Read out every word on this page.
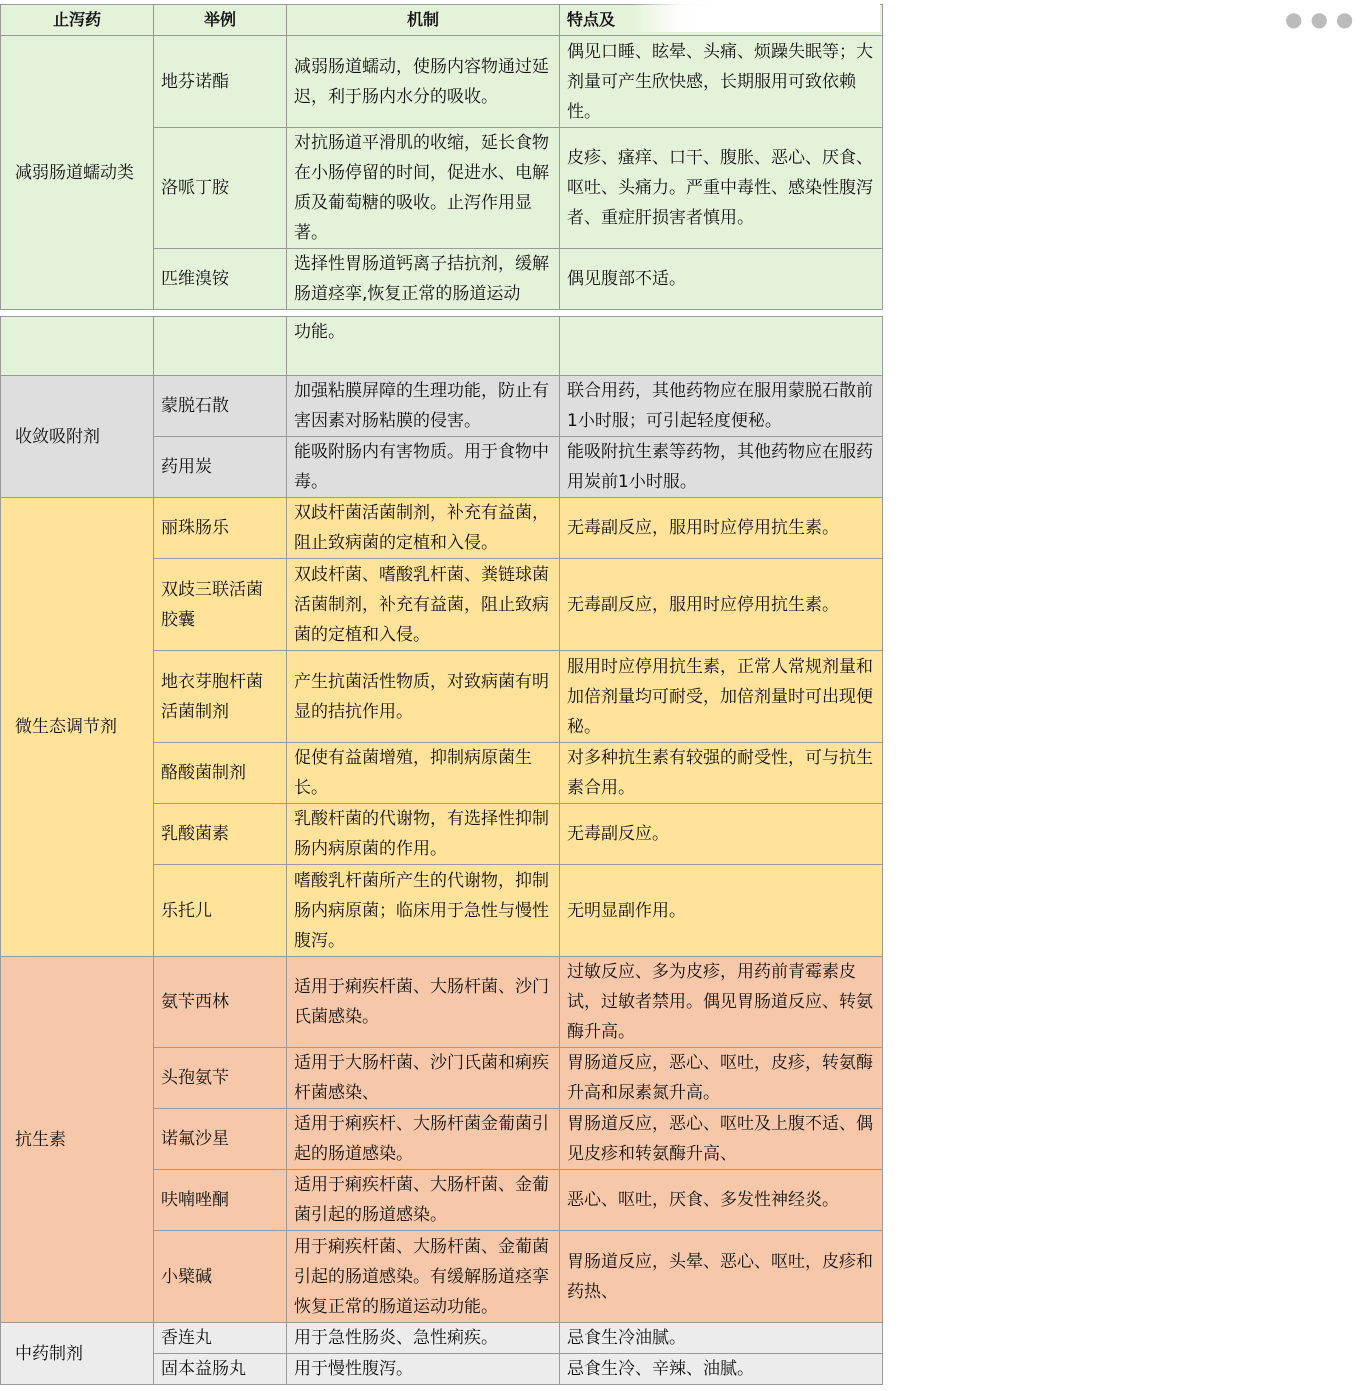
止泻药	举例	机制	特点及
减弱肠道蠕动类	地芬诺酯	减弱肠道蠕动，使肠内容物通过延迟，利于肠内水分的吸收。	偶见口睡、眩晕、头痛、烦躁失眠等；大剂量可产生欣快感，长期服用可致依赖性。
	洛哌丁胺	对抗肠道平滑肌的收缩，延长食物在小肠停留的时间，促进水、电解质及葡萄糖的吸收。止泻作用显著。	皮疹、瘙痒、口干、腹胀、恶心、厌食、呕吐、头痛力。严重中毒性、感染性腹泻者、重症肝损害者慎用。
	匹维溴铵	选择性胃肠道钙离子拮抗剂，缓解肠道痉挛,恢复正常的肠道运动	偶见腹部不适。
●●●
		功能。	
收敛吸附剂	蒙脱石散	加强粘膜屏障的生理功能，防止有害因素对肠粘膜的侵害。	联合用药，其他药物应在服用蒙脱石散前1小时服；可引起轻度便秘。
	药用炭	能吸附肠内有害物质。用于食物中毒。	能吸附抗生素等药物，其他药物应在服药用炭前1小时服。
微生态调节剂	丽珠肠乐	双歧杆菌活菌制剂，补充有益菌，阻止致病菌的定植和入侵。	无毒副反应，服用时应停用抗生素。
	双歧三联活菌胶囊	双歧杆菌、嗜酸乳杆菌、粪链球菌活菌制剂，补充有益菌，阻止致病菌的定植和入侵。	无毒副反应，服用时应停用抗生素。
	地衣芽胞杆菌活菌制剂	产生抗菌活性物质，对致病菌有明显的拮抗作用。	服用时应停用抗生素，正常人常规剂量和加倍剂量均可耐受，加倍剂量时可出现便秘。
	酪酸菌制剂	促使有益菌增殖，抑制病原菌生长。	对多种抗生素有较强的耐受性，可与抗生素合用。
	乳酸菌素	乳酸杆菌的代谢物，有选择性抑制肠内病原菌的作用。	无毒副反应。
	乐托儿	嗜酸乳杆菌所产生的代谢物，抑制肠内病原菌；临床用于急性与慢性腹泻。	无明显副作用。
抗生素	氨苄西林	适用于痢疾杆菌、大肠杆菌、沙门氏菌感染。	过敏反应、多为皮疹，用药前青霉素皮试，过敏者禁用。偶见胃肠道反应、转氨酶升高。
	头孢氨苄	适用于大肠杆菌、沙门氏菌和痢疾杆菌感染、	胃肠道反应，恶心、呕吐，皮疹，转氨酶升高和尿素氮升高。
	诺氟沙星	适用于痢疾杆、大肠杆菌金葡菌引起的肠道感染。	胃肠道反应，恶心、呕吐及上腹不适、偶见皮疹和转氨酶升高、
	呋喃唑酮	适用于痢疾杆菌、大肠杆菌、金葡菌引起的肠道感染。	恶心、呕吐，厌食、多发性神经炎。
	小檗碱	用于痢疾杆菌、大肠杆菌、金葡菌引起的肠道感染。有缓解肠道痉挛恢复正常的肠道运动功能。	胃肠道反应，头晕、恶心、呕吐，皮疹和药热、
中药制剂	香连丸	用于急性肠炎、急性痢疾。	忌食生冷油腻。
	固本益肠丸	用于慢性腹泻。	忌食生冷、辛辣、油腻。
